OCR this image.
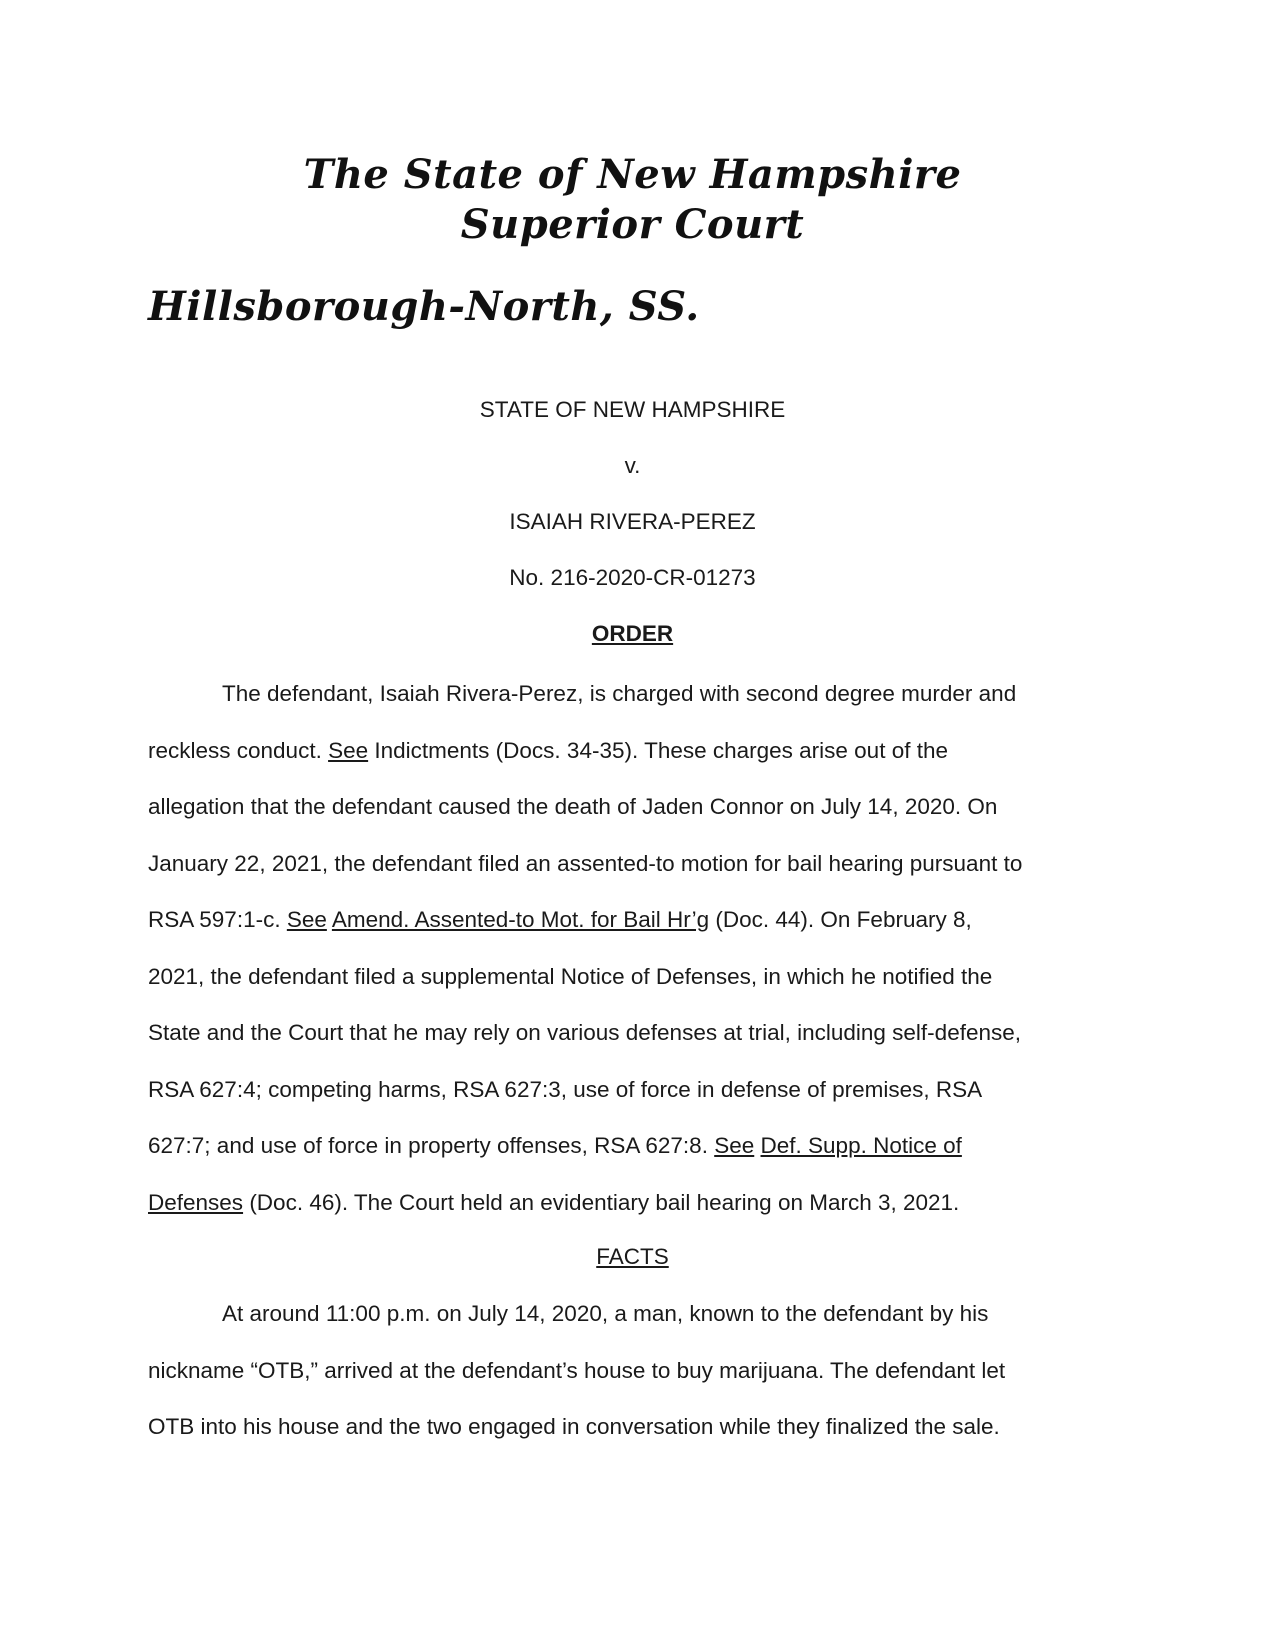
The State of New Hampshire
Superior Court
Hillsborough-North, SS.
STATE OF NEW HAMPSHIRE
v.
ISAIAH RIVERA-PEREZ
No. 216-2020-CR-01273
ORDER
The defendant, Isaiah Rivera-Perez, is charged with second degree murder and
reckless conduct. See Indictments (Docs. 34-35). These charges arise out of the
allegation that the defendant caused the death of Jaden Connor on July 14, 2020. On
January 22, 2021, the defendant filed an assented-to motion for bail hearing pursuant to
RSA 597:1-c. See Amend. Assented-to Mot. for Bail Hr’g (Doc. 44). On February 8,
2021, the defendant filed a supplemental Notice of Defenses, in which he notified the
State and the Court that he may rely on various defenses at trial, including self-defense,
RSA 627:4; competing harms, RSA 627:3, use of force in defense of premises, RSA
627:7; and use of force in property offenses, RSA 627:8. See Def. Supp. Notice of
Defenses (Doc. 46). The Court held an evidentiary bail hearing on March 3, 2021.
FACTS
At around 11:00 p.m. on July 14, 2020, a man, known to the defendant by his
nickname “OTB,” arrived at the defendant’s house to buy marijuana. The defendant let
OTB into his house and the two engaged in conversation while they finalized the sale.
